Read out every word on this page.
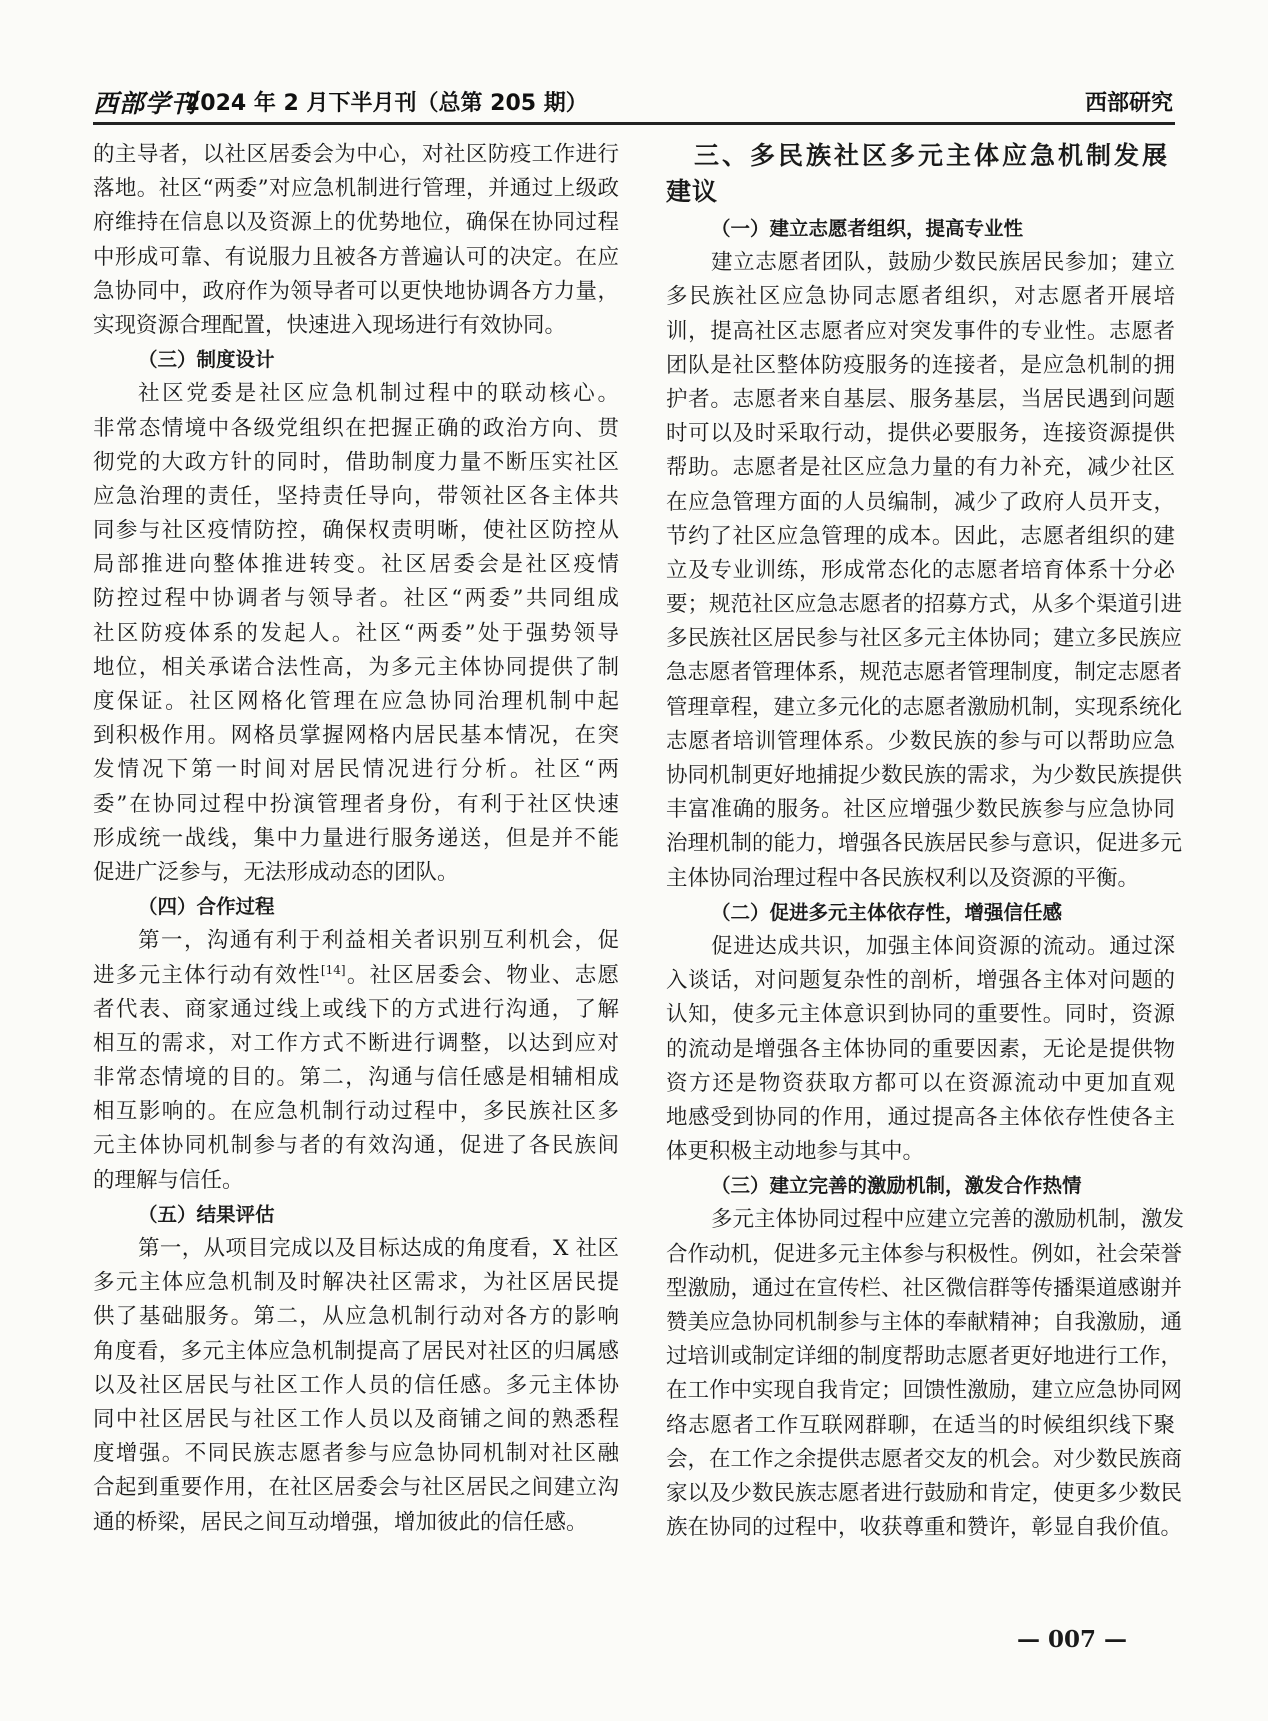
西部学刊
2024 年 2 月下半月刊（总第 205 期）	西部研究
的主导者，以社区居委会为中心，对社区防疫工作进行
落地。社区“两委”对应急机制进行管理，并通过上级政
府维持在信息以及资源上的优势地位，确保在协同过程
中形成可靠、有说服力且被各方普遍认可的决定。在应
急协同中，政府作为领导者可以更快地协调各方力量，
实现资源合理配置，快速进入现场进行有效协同。
（三）制度设计
社区党委是社区应急机制过程中的联动核心。
非常态情境中各级党组织在把握正确的政治方向、贯
彻党的大政方针的同时，借助制度力量不断压实社区
应急治理的责任，坚持责任导向，带领社区各主体共
同参与社区疫情防控，确保权责明晰，使社区防控从
局部推进向整体推进转变。社区居委会是社区疫情
防控过程中协调者与领导者。社区“两委”共同组成
社区防疫体系的发起人。社区“两委”处于强势领导
地位，相关承诺合法性高，为多元主体协同提供了制
度保证。社区网格化管理在应急协同治理机制中起
到积极作用。网格员掌握网格内居民基本情况，在突
发情况下第一时间对居民情况进行分析。社区“两
委”在协同过程中扮演管理者身份，有利于社区快速
形成统一战线，集中力量进行服务递送，但是并不能
促进广泛参与，无法形成动态的团队。
（四）合作过程
第一，沟通有利于利益相关者识别互利机会，促
进多元主体行动有效性[14]。社区居委会、物业、志愿
者代表、商家通过线上或线下的方式进行沟通，了解
相互的需求，对工作方式不断进行调整，以达到应对
非常态情境的目的。第二，沟通与信任感是相辅相成
相互影响的。在应急机制行动过程中，多民族社区多
元主体协同机制参与者的有效沟通，促进了各民族间
的理解与信任。
（五）结果评估
第一，从项目完成以及目标达成的角度看，X 社区
多元主体应急机制及时解决社区需求，为社区居民提
供了基础服务。第二，从应急机制行动对各方的影响
角度看，多元主体应急机制提高了居民对社区的归属感
以及社区居民与社区工作人员的信任感。多元主体协
同中社区居民与社区工作人员以及商铺之间的熟悉程
度增强。不同民族志愿者参与应急协同机制对社区融
合起到重要作用，在社区居委会与社区居民之间建立沟
通的桥梁，居民之间互动增强，增加彼此的信任感。
三、多民族社区多元主体应急机制发展
建议
（一）建立志愿者组织，提高专业性
建立志愿者团队，鼓励少数民族居民参加；建立
多民族社区应急协同志愿者组织，对志愿者开展培
训，提高社区志愿者应对突发事件的专业性。志愿者
团队是社区整体防疫服务的连接者，是应急机制的拥
护者。志愿者来自基层、服务基层，当居民遇到问题
时可以及时采取行动，提供必要服务，连接资源提供
帮助。志愿者是社区应急力量的有力补充，减少社区
在应急管理方面的人员编制，减少了政府人员开支，
节约了社区应急管理的成本。因此，志愿者组织的建
立及专业训练，形成常态化的志愿者培育体系十分必
要；规范社区应急志愿者的招募方式，从多个渠道引进
多民族社区居民参与社区多元主体协同；建立多民族应
急志愿者管理体系，规范志愿者管理制度，制定志愿者
管理章程，建立多元化的志愿者激励机制，实现系统化
志愿者培训管理体系。少数民族的参与可以帮助应急
协同机制更好地捕捉少数民族的需求，为少数民族提供
丰富准确的服务。社区应增强少数民族参与应急协同
治理机制的能力，增强各民族居民参与意识，促进多元
主体协同治理过程中各民族权利以及资源的平衡。
（二）促进多元主体依存性，增强信任感
促进达成共识，加强主体间资源的流动。通过深
入谈话，对问题复杂性的剖析，增强各主体对问题的
认知，使多元主体意识到协同的重要性。同时，资源
的流动是增强各主体协同的重要因素，无论是提供物
资方还是物资获取方都可以在资源流动中更加直观
地感受到协同的作用，通过提高各主体依存性使各主
体更积极主动地参与其中。
（三）建立完善的激励机制，激发合作热情
多元主体协同过程中应建立完善的激励机制，激发
合作动机，促进多元主体参与积极性。例如，社会荣誉
型激励，通过在宣传栏、社区微信群等传播渠道感谢并
赞美应急协同机制参与主体的奉献精神；自我激励，通
过培训或制定详细的制度帮助志愿者更好地进行工作，
在工作中实现自我肯定；回馈性激励，建立应急协同网
络志愿者工作互联网群聊，在适当的时候组织线下聚
会，在工作之余提供志愿者交友的机会。对少数民族商
家以及少数民族志愿者进行鼓励和肯定，使更多少数民
族在协同的过程中，收获尊重和赞许，彰显自我价值。
— 007 —
